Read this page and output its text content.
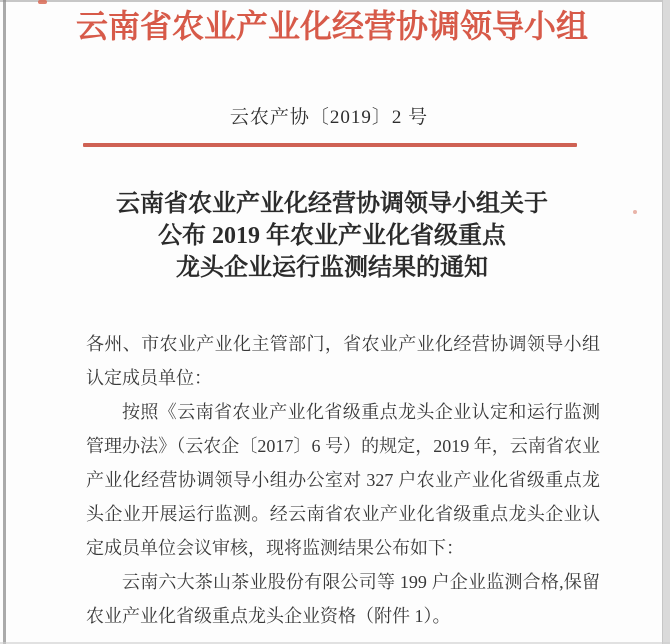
云南省农业产业化经营协调领导小组
云农产协〔2019〕2 号
云南省农业产业化经营协调领导小组关于
公布 2019 年农业产业化省级重点
龙头企业运行监测结果的通知

各州、市农业产业化主管部门，省农业产业化经营协调领导小组认定成员单位：

按照《云南省农业产业化省级重点龙头企业认定和运行监测管理办法》（云农企〔2017〕6 号）的规定，2019 年，云南省农业产业化经营协调领导小组办公室对 327 户农业产业化省级重点龙头企业开展运行监测。经云南省农业产业化省级重点龙头企业认定成员单位会议审核，现将监测结果公布如下：

云南六大茶山茶业股份有限公司等 199 户企业监测合格,保留农业产业化省级重点龙头企业资格（附件 1）。
